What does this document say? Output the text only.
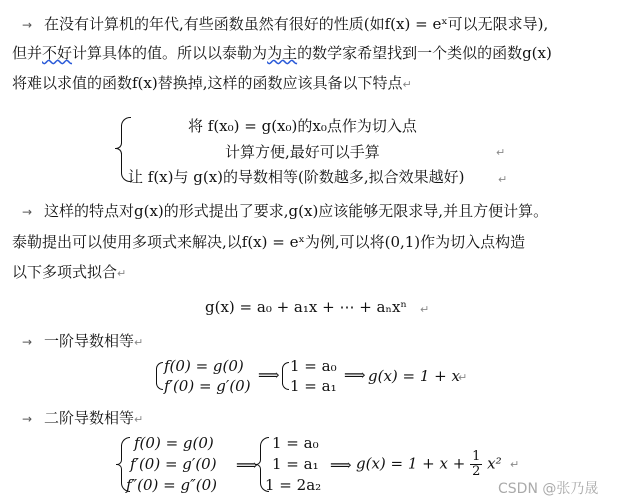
→ 在没有计算机的年代,有些函数虽然有很好的性质(如f(x) = eˣ可以无限求导),
但并不好计算具体的值。所以以泰勒为为主的数学家希望找到一个类似的函数g(x)
将难以求值的函数f(x)替换掉,这样的函数应该具备以下特点↵
将 f(x₀) = g(x₀)的x₀点作为切入点
计算方便,最好可以手算	↵
让 f(x)与 g(x)的导数相等(阶数越多,拟合效果越好)	↵
→ 这样的特点对g(x)的形式提出了要求,g(x)应该能够无限求导,并且方便计算。
泰勒提出可以使用多项式来解决,以f(x) = eˣ为例,可以将(0,1)作为切入点构造
以下多项式拟合↵
g(x) = a₀ + a₁x + ⋯ + aₙxⁿ ↵
→ 一阶导数相等↵
f(0) = g(0)
f′(0) = g′(0)
⟹ 1 = a₀
1 = a₁
⟹ g(x) = 1 + x
↵
→ 二阶导数相等↵
f(0) = g(0)
f′(0) = g′(0)
f″(0) = g″(0)
⟹
1 = a₀
1 = a₁
1 = 2a₂
⟹ $g(x) = 1 + x + \frac{1}{2} x^2$ ↵
CSDN @张乃晟
